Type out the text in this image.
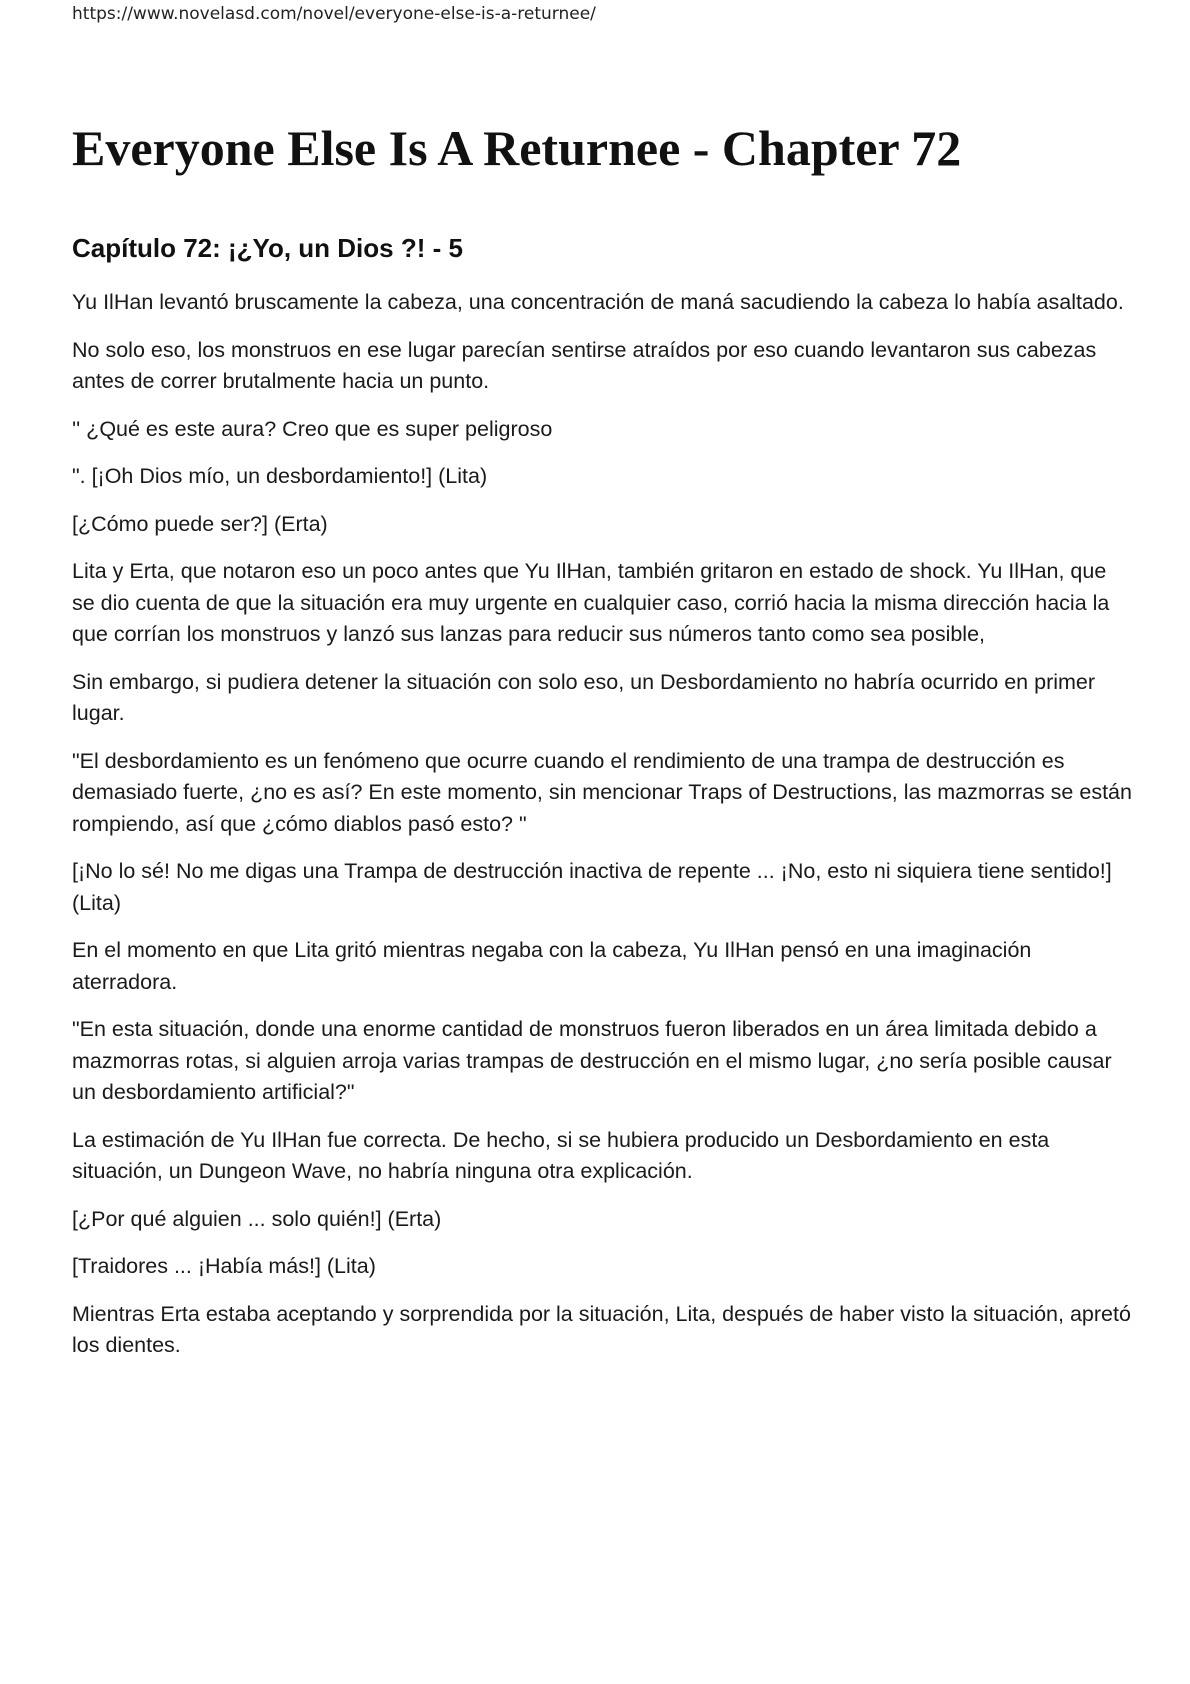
https://www.novelasd.com/novel/everyone-else-is-a-returnee/
Everyone Else Is A Returnee - Chapter 72
Capítulo 72: ¡¿Yo, un Dios ?! - 5

Yu IlHan levantó bruscamente la cabeza, una concentración de maná sacudiendo la cabeza lo había asaltado.

No solo eso, los monstruos en ese lugar parecían sentirse atraídos por eso cuando levantaron sus cabezas antes de correr brutalmente hacia un punto.

'' ¿Qué es este aura? Creo que es super peligroso

". [¡Oh Dios mío, un desbordamiento!] (Lita)

[¿Cómo puede ser?] (Erta)

Lita y Erta, que notaron eso un poco antes que Yu IlHan, también gritaron en estado de shock. Yu IlHan, que se dio cuenta de que la situación era muy urgente en cualquier caso, corrió hacia la misma dirección hacia la que corrían los monstruos y lanzó sus lanzas para reducir sus números tanto como sea posible,

Sin embargo, si pudiera detener la situación con solo eso, un Desbordamiento no habría ocurrido en primer lugar.

"El desbordamiento es un fenómeno que ocurre cuando el rendimiento de una trampa de destrucción es demasiado fuerte, ¿no es así? En este momento, sin mencionar Traps of Destructions, las mazmorras se están rompiendo, así que ¿cómo diablos pasó esto? "

[¡No lo sé! No me digas una Trampa de destrucción inactiva de repente ... ¡No, esto ni siquiera tiene sentido!] (Lita)

En el momento en que Lita gritó mientras negaba con la cabeza, Yu IlHan pensó en una imaginación aterradora.

"En esta situación, donde una enorme cantidad de monstruos fueron liberados en un área limitada debido a mazmorras rotas, si alguien arroja varias trampas de destrucción en el mismo lugar, ¿no sería posible causar un desbordamiento artificial?"

La estimación de Yu IlHan fue correcta. De hecho, si se hubiera producido un Desbordamiento en esta situación, un Dungeon Wave, no habría ninguna otra explicación.

[¿Por qué alguien ... solo quién!] (Erta)

[Traidores ... ¡Había más!] (Lita)

Mientras Erta estaba aceptando y sorprendida por la situación, Lita, después de haber visto la situación, apretó los dientes.
